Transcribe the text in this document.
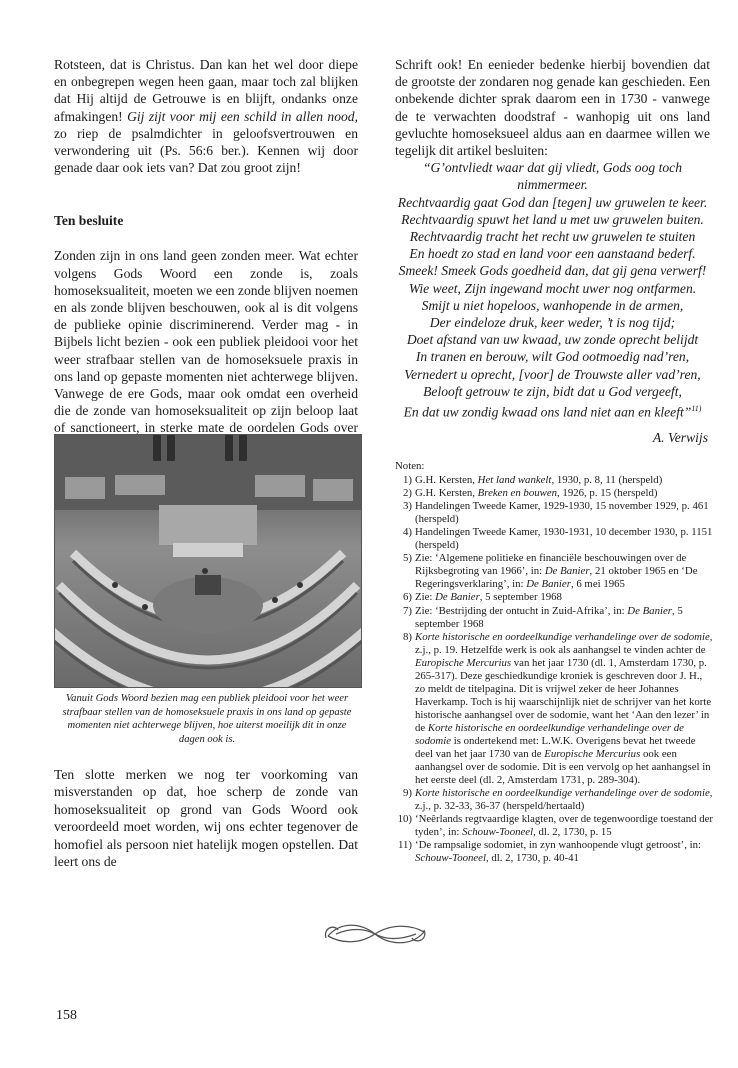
Rotsteen, dat is Christus. Dan kan het wel door diepe en onbegrepen wegen heen gaan, maar toch zal blijken dat Hij altijd de Getrouwe is en blijft, ondanks onze afmakingen! Gij zijt voor mij een schild in allen nood, zo riep de psalmdichter in geloofsvertrouwen en verwondering uit (Ps. 56:6 ber.). Kennen wij door genade daar ook iets van? Dat zou groot zijn!

Ten besluite

Zonden zijn in ons land geen zonden meer. Wat echter volgens Gods Woord een zonde is, zoals homoseksualiteit, moeten we een zonde blijven noemen en als zonde blijven beschouwen, ook al is dit volgens de publieke opinie discriminerend. Verder mag - in Bijbels licht bezien - ook een publiek pleidooi voor het weer strafbaar stellen van de homoseksuele praxis in ons land op gepaste momenten niet achterwege blijven. Vanwege de ere Gods, maar ook omdat een overheid die de zonde van homoseksualiteit op zijn beloop laat of sanctioneert, in sterke mate de oordelen Gods over

Vanuit Gods Woord bezien mag een publiek pleidooi voor het weer strafbaar stellen van de homoseksuele praxis in ons land op gepaste momenten niet achterwege blijven, hoe uiterst moeilijk dit in onze dagen ook is.

Ten slotte merken we nog ter voorkoming van misverstanden op dat, hoe scherp de zonde van homoseksualiteit op grond van Gods Woord ook veroordeeld moet worden, wij ons echter tegenover de homofiel als persoon niet hatelijk mogen opstellen. Dat leert ons de

Schrift ook! En eenieder bedenke hierbij bovendien dat de grootste der zondaren nog genade kan geschieden. Een onbekende dichter sprak daarom een in 1730 - vanwege de te verwachten doodstraf - wanhopig uit ons land gevluchte homoseksueel aldus aan en daarmee willen we tegelijk dit artikel besluiten:

“G’ontvliedt waar dat gij vliedt, Gods oog toch
nimmermeer.
Rechtvaardig gaat God dan [tegen] uw gruwelen te keer.
Rechtvaardig spuwt het land u met uw gruwelen buiten.
Rechtvaardig tracht het recht uw gruwelen te stuiten
En hoedt zo stad en land voor een aanstaand bederf.
Smeek! Smeek Gods goedheid dan, dat gij gena verwerf!
Wie weet, Zijn ingewand mocht uwer nog ontfarmen.
Smijt u niet hopeloos, wanhopende in de armen,
Der eindeloze druk, keer weder, ’t is nog tijd;
Doet afstand van uw kwaad, uw zonde oprecht belijdt
In tranen en berouw, wilt God ootmoedig nad’ren,
Vernedert u oprecht, [voor] de Trouwste aller vad’ren,
Belooft getrouw te zijn, bidt dat u God vergeeft,
En dat uw zondig kwaad ons land niet aan en kleeft”$^{11)}$
A. Verwijs
Noten:
1) G.H. Kersten, Het land wankelt, 1930, p. 8, 11 (herspeld)
2) G.H. Kersten, Breken en bouwen, 1926, p. 15 (herspeld)
3) Handelingen Tweede Kamer, 1929-1930, 15 november 1929, p. 461 (herspeld)
4) Handelingen Tweede Kamer, 1930-1931, 10 december 1930, p. 1151 (herspeld)
5) Zie: ‘Algemene politieke en financiële beschouwingen over de Rijksbegroting van 1966’, in: De Banier, 21 oktober 1965 en ‘De Regeringsverklaring’, in: De Banier, 6 mei 1965
6) Zie: De Banier, 5 september 1968
7) Zie: ‘Bestrijding der ontucht in Zuid-Afrika’, in: De Banier, 5 september 1968
8) Korte historische en oordeelkundige verhandelinge over de sodomie, z.j., p. 19. Hetzelfde werk is ook als aanhangsel te vinden achter de Europische Mercurius van het jaar 1730 (dl. 1, Amsterdam 1730, p. 265-317). Deze geschiedkundige kroniek is geschreven door J. H., zo meldt de titelpagina. Dit is vrijwel zeker de heer Johannes Haverkamp. Toch is hij waarschijnlijk niet de schrijver van het korte historische aanhangsel over de sodomie, want het ‘Aan den lezer’ in de Korte historische en oordeelkundige verhandelinge over de sodomie is ondertekend met: L.W.K. Overigens bevat het tweede deel van het jaar 1730 van de Europische Mercurius ook een aanhangsel over de sodomie. Dit is een vervolg op het aanhangsel in het eerste deel (dl. 2, Amsterdam 1731, p. 289-304).
9) Korte historische en oordeelkundige verhandelinge over de sodomie, z.j., p. 32-33, 36-37 (herspeld/hertaald)
10) ‘Neêrlands regtvaardige klagten, over de tegenwoordige toestand der tyden’, in: Schouw-Tooneel, dl. 2, 1730, p. 15
11) ‘De rampsalige sodomiet, in zyn wanhoopende vlugt getroost’, in: Schouw-Tooneel, dl. 2, 1730, p. 40-41
158
